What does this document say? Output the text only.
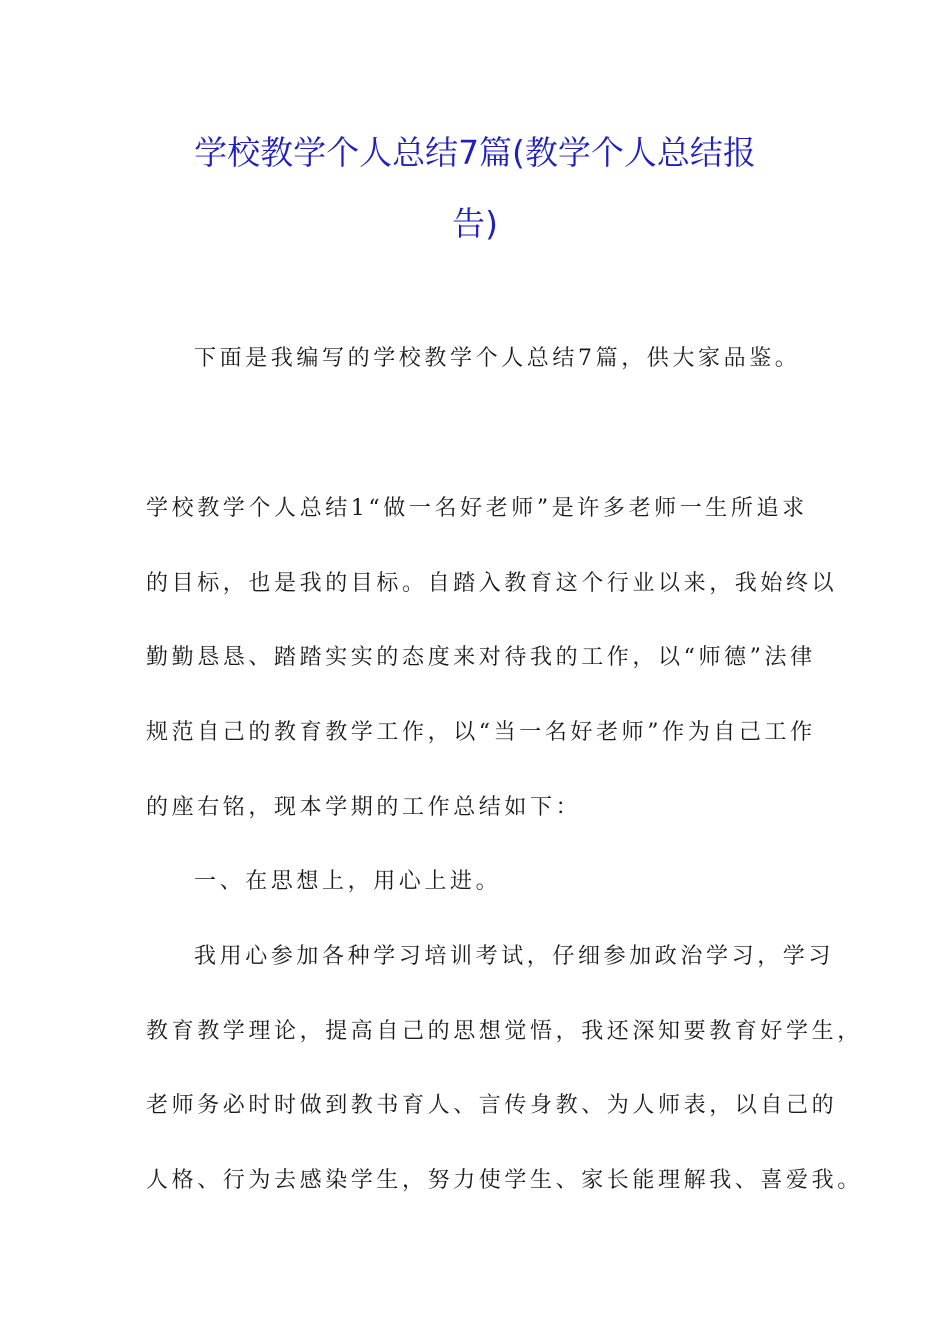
学校教学个人总结7篇(教学个人总结报
告)
下面是我编写的学校教学个人总结7篇，供大家品鉴。
学校教学个人总结1“做一名好老师”是许多老师一生所追求
的目标，也是我的目标。自踏入教育这个行业以来，我始终以
勤勤恳恳、踏踏实实的态度来对待我的工作，以“师德”法律
规范自己的教育教学工作，以“当一名好老师”作为自己工作
的座右铭，现本学期的工作总结如下：
一、在思想上，用心上进。
我用心参加各种学习培训考试，仔细参加政治学习，学习
教育教学理论，提高自己的思想觉悟，我还深知要教育好学生，
老师务必时时做到教书育人、言传身教、为人师表，以自己的
人格、行为去感染学生，努力使学生、家长能理解我、喜爱我。
